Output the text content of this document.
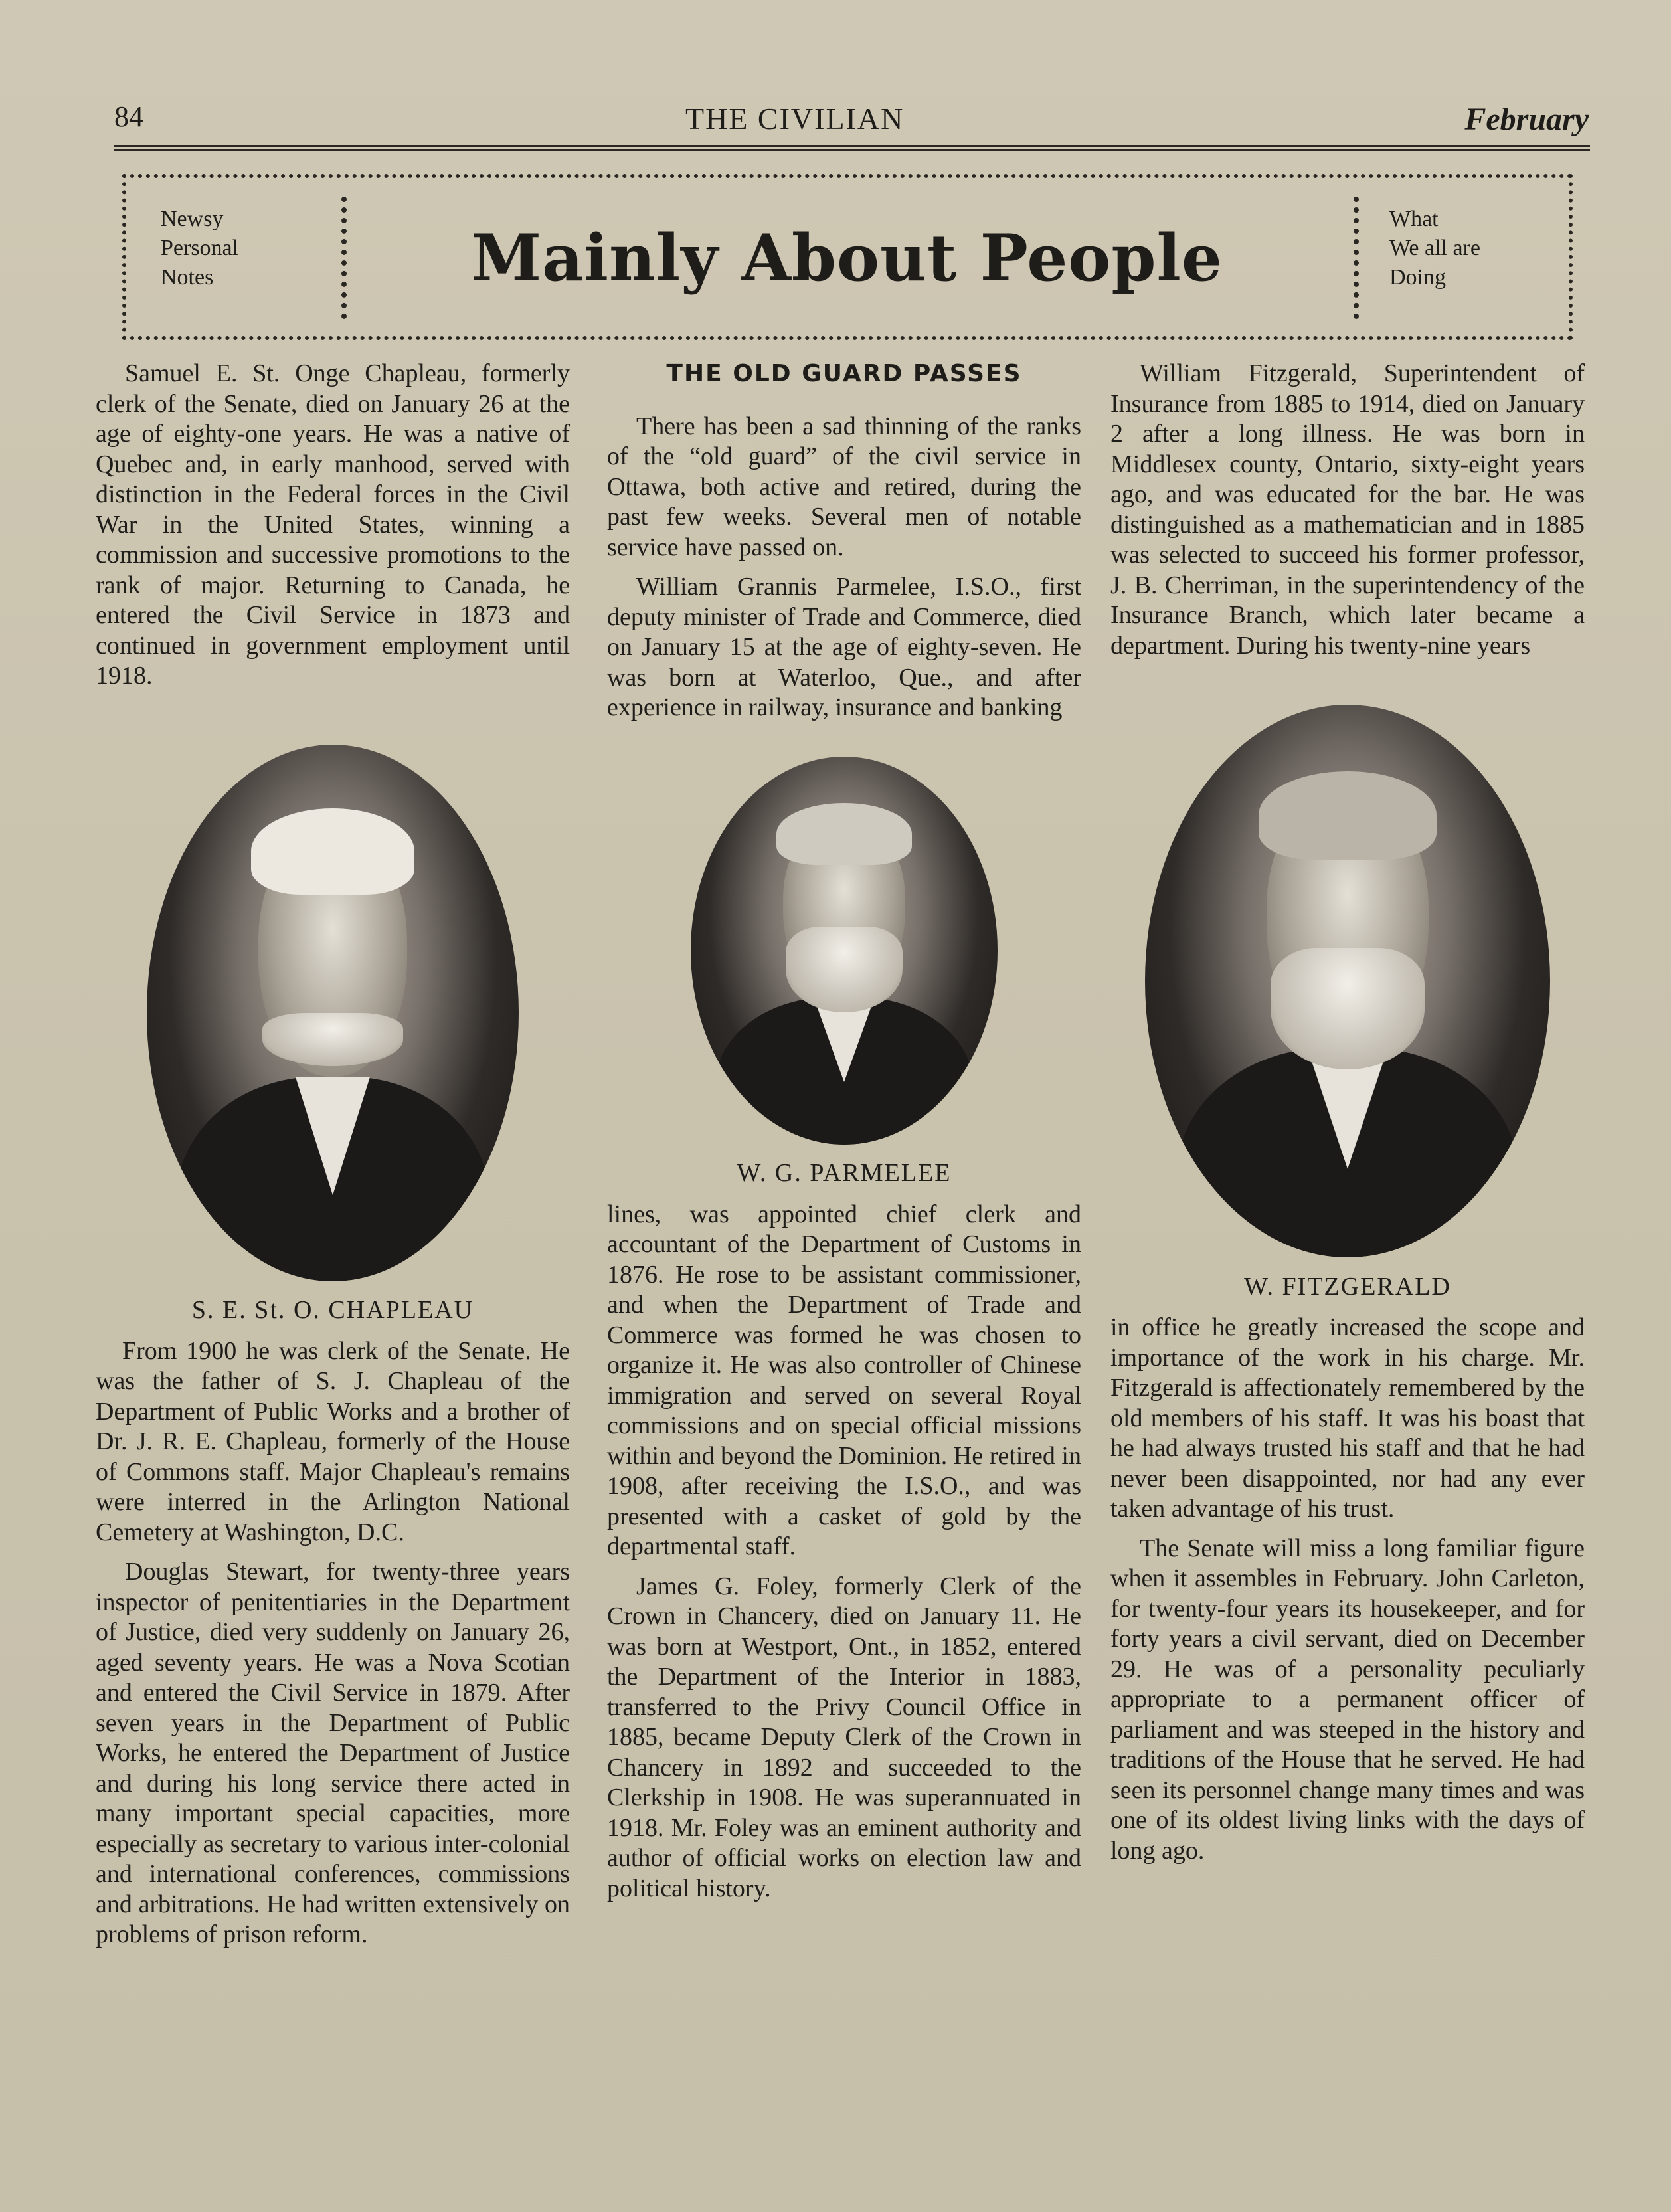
84	THE CIVILIAN	February
Newsy
Personal
Notes	Mainly About People
What
We all are
Doing

Samuel E. St. Onge Chapleau, formerly clerk of the Senate, died on January 26 at the age of eighty-one years. He was a native of Quebec and, in early manhood, served with distinction in the Federal forces in the Civil War in the United States, winning a commission and successive promotions to the rank of major. Returning to Canada, he entered the Civil Service in 1873 and continued in government employment until 1918.

S. E. St. O. CHAPLEAU

From 1900 he was clerk of the Senate. He was the father of S. J. Chapleau of the Department of Public Works and a brother of Dr. J. R. E. Chapleau, formerly of the House of Commons staff. Major Chapleau's remains were interred in the Arlington National Cemetery at Washington, D.C.

Douglas Stewart, for twenty-three years inspector of penitentiaries in the Department of Justice, died very suddenly on January 26, aged seventy years. He was a Nova Scotian and entered the Civil Service in 1879. After seven years in the Department of Public Works, he entered the Department of Justice and during his long service there acted in many important special capacities, more especially as secretary to various inter-colonial and international conferences, commissions and arbitrations. He had written extensively on problems of prison reform.

THE OLD GUARD PASSES

There has been a sad thinning of the ranks of the “old guard” of the civil service in Ottawa, both active and retired, during the past few weeks. Several men of notable service have passed on.

William Grannis Parmelee, I.S.O., first deputy minister of Trade and Commerce, died on January 15 at the age of eighty-seven. He was born at Waterloo, Que., and after experience in railway, insurance and banking

W. G. PARMELEE

lines, was appointed chief clerk and accountant of the Department of Customs in 1876. He rose to be assistant commissioner, and when the Department of Trade and Commerce was formed he was chosen to organize it. He was also controller of Chinese immigration and served on several Royal commissions and on special official missions within and beyond the Dominion. He retired in 1908, after receiving the I.S.O., and was presented with a casket of gold by the departmental staff.

James G. Foley, formerly Clerk of the Crown in Chancery, died on January 11. He was born at Westport, Ont., in 1852, entered the Department of the Interior in 1883, transferred to the Privy Council Office in 1885, became Deputy Clerk of the Crown in Chancery in 1892 and succeeded to the Clerkship in 1908. He was superannuated in 1918. Mr. Foley was an eminent authority and author of official works on election law and political history.

William Fitzgerald, Superintendent of Insurance from 1885 to 1914, died on January 2 after a long illness. He was born in Middlesex county, Ontario, sixty-eight years ago, and was educated for the bar. He was distinguished as a mathematician and in 1885 was selected to succeed his former professor, J. B. Cherriman, in the superintendency of the Insurance Branch, which later became a department. During his twenty-nine years

W. FITZGERALD

in office he greatly increased the scope and importance of the work in his charge. Mr. Fitzgerald is affectionately remembered by the old members of his staff. It was his boast that he had always trusted his staff and that he had never been disappointed, nor had any ever taken advantage of his trust.

The Senate will miss a long familiar figure when it assembles in February. John Carleton, for twenty-four years its housekeeper, and for forty years a civil servant, died on December 29. He was of a personality peculiarly appropriate to a permanent officer of parliament and was steeped in the history and traditions of the House that he served. He had seen its personnel change many times and was one of its oldest living links with the days of long ago.
